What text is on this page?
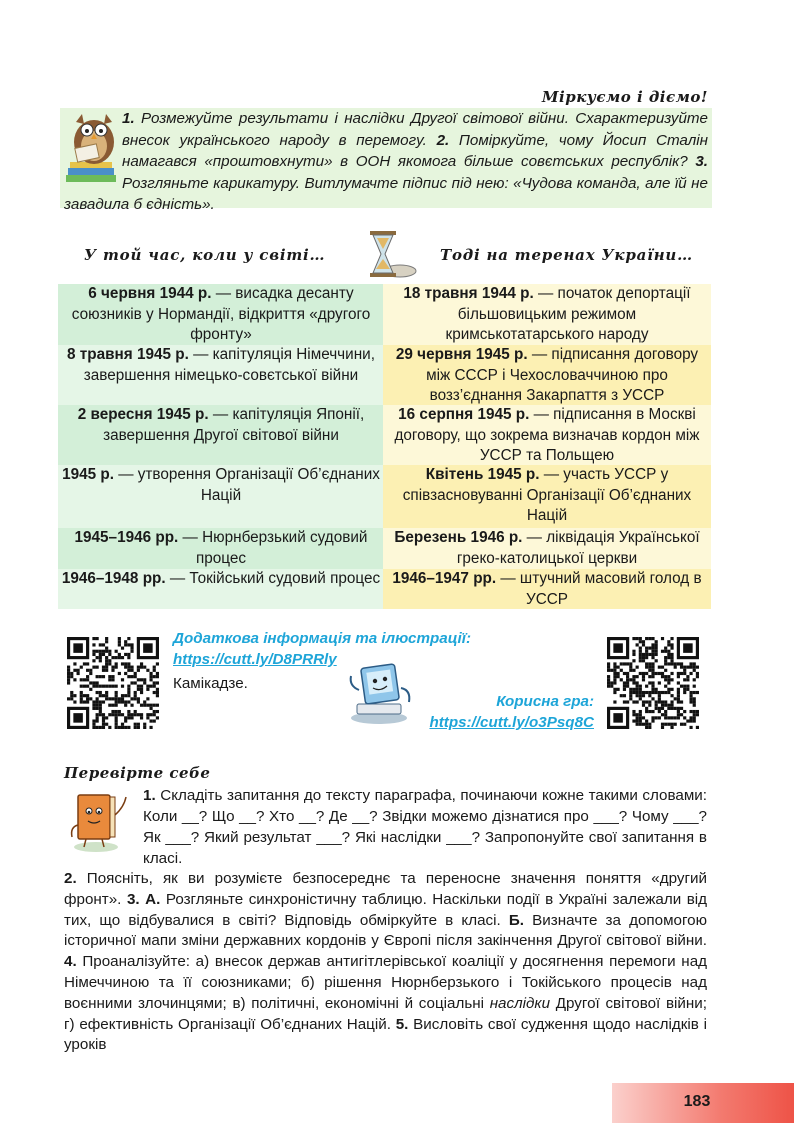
Міркуємо і діємо!
1. Розмежуйте результати і наслідки Другої світової війни. Схарактеризуйте внесок українського народу в перемогу. 2. Поміркуйте, чому Йосип Сталін намагався «проштовхнути» в ООН якомога більше совєтських республік? 3. Розгляньте карикатуру. Витлумачте підпис під нею: «Чудова команда, але їй не завадила б єдність».
У той час, коли у світі…	Тоді на теренах України…
6 червня 1944 р. — висадка десанту союзників у Нормандії, відкриття «другого фронту»
8 травня 1945 р. — капітуляція Німеччини, завершення німецько-совєтської війни
2 вересня 1945 р. — капітуляція Японії, завершення Другої світової війни
1945 р. — утворення Організації Об’єднаних Націй
1945–1946 рр. — Нюрнберзький судовий процес
1946–1948 рр. — Токійський судовий процес
18 травня 1944 р. — початок депортації більшовицьким режимом кримськотатарського народу
29 червня 1945 р. — підписання договору між СССР і Чехословаччиною про возз’єднання Закарпаття з УССР
16 серпня 1945 р. — підписання в Москві договору, що зокрема визначав кордон між УССР та Польщею
Квітень 1945 р. — участь УССР у співзасновуванні Організації Об’єднаних Націй
Березень 1946 р. — ліквідація Української греко-католицької церкви
1946–1947 рр. — штучний масовий голод в УССР
Додаткова інформація та ілюстрації:
https://cutt.ly/D8PRRly
Камікадзе.
Корисна гра:
https://cutt.ly/o3Psq8C
Перевірте себе
1. Складіть запитання до тексту параграфа, починаючи кожне такими словами: Коли __? Що __? Хто __? Де __? Звідки можемо дізнатися про ___? Чому ___? Як ___? Який результат ___? Які наслідки ___? Запропонуйте свої запитання в класі.
2. Поясніть, як ви розумієте безпосереднє та переносне значення поняття «другий фронт». 3. А. Розгляньте синхроністичну таблицю. Наскільки події в Україні залежали від тих, що відбувалися в світі? Відповідь обміркуйте в класі. Б. Визначте за допомогою історичної мапи зміни державних кордонів у Європі після закінчення Другої світової війни. 4. Проаналізуйте: а) внесок держав антигітлерівської коаліції у досягнення перемоги над Німеччиною та її союзниками; б) рішення Нюрнберзького і Токійського процесів над воєнними злочинцями; в) політичні, економічні й соціальні наслідки Другої світової війни; г) ефективність Організації Об’єднаних Націй. 5. Висловіть свої судження щодо наслідків і уроків
183
